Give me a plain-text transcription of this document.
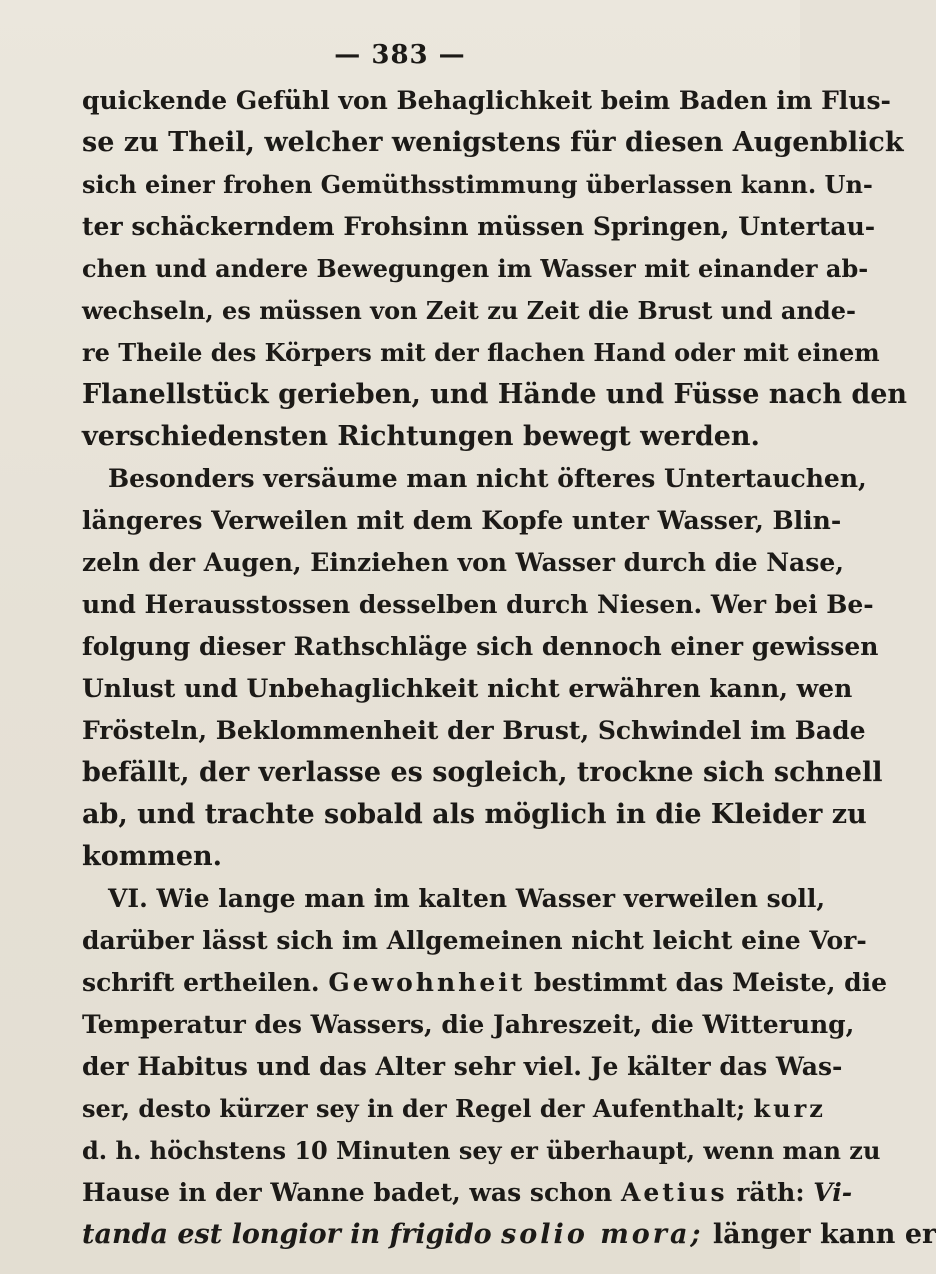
— 383 —
quickende Gefühl von Behaglichkeit beim Baden im Flus-
se zu Theil, welcher wenigstens für diesen Augenblick
sich einer frohen Gemüthsstimmung überlassen kann. Un-
ter schäckerndem Frohsinn müssen Springen, Untertau-
chen und andere Bewegungen im Wasser mit einander ab-
wechseln, es müssen von Zeit zu Zeit die Brust und ande-
re Theile des Körpers mit der flachen Hand oder mit einem
Flanellstück gerieben, und Hände und Füsse nach den
verschiedensten Richtungen bewegt werden.
Besonders versäume man nicht öfteres Untertauchen,
längeres Verweilen mit dem Kopfe unter Wasser, Blin-
zeln der Augen, Einziehen von Wasser durch die Nase,
und Herausstossen desselben durch Niesen. Wer bei Be-
folgung dieser Rathschläge sich dennoch einer gewissen
Unlust und Unbehaglichkeit nicht erwähren kann, wen
Frösteln, Beklommenheit der Brust, Schwindel im Bade
befällt, der verlasse es sogleich, trockne sich schnell
ab, und trachte sobald als möglich in die Kleider zu
kommen.
VI. Wie lange man im kalten Wasser verweilen soll,
darüber lässt sich im Allgemeinen nicht leicht eine Vor-
schrift ertheilen. Gewohnheit bestimmt das Meiste, die
Temperatur des Wassers, die Jahreszeit, die Witterung,
der Habitus und das Alter sehr viel. Je kälter das Was-
ser, desto kürzer sey in der Regel der Aufenthalt; kurz
d. h. höchstens 10 Minuten sey er überhaupt, wenn man zu
Hause in der Wanne badet, was schon Aetius räth: Vi-
tanda est longior in frigido solio mora; länger kann er
